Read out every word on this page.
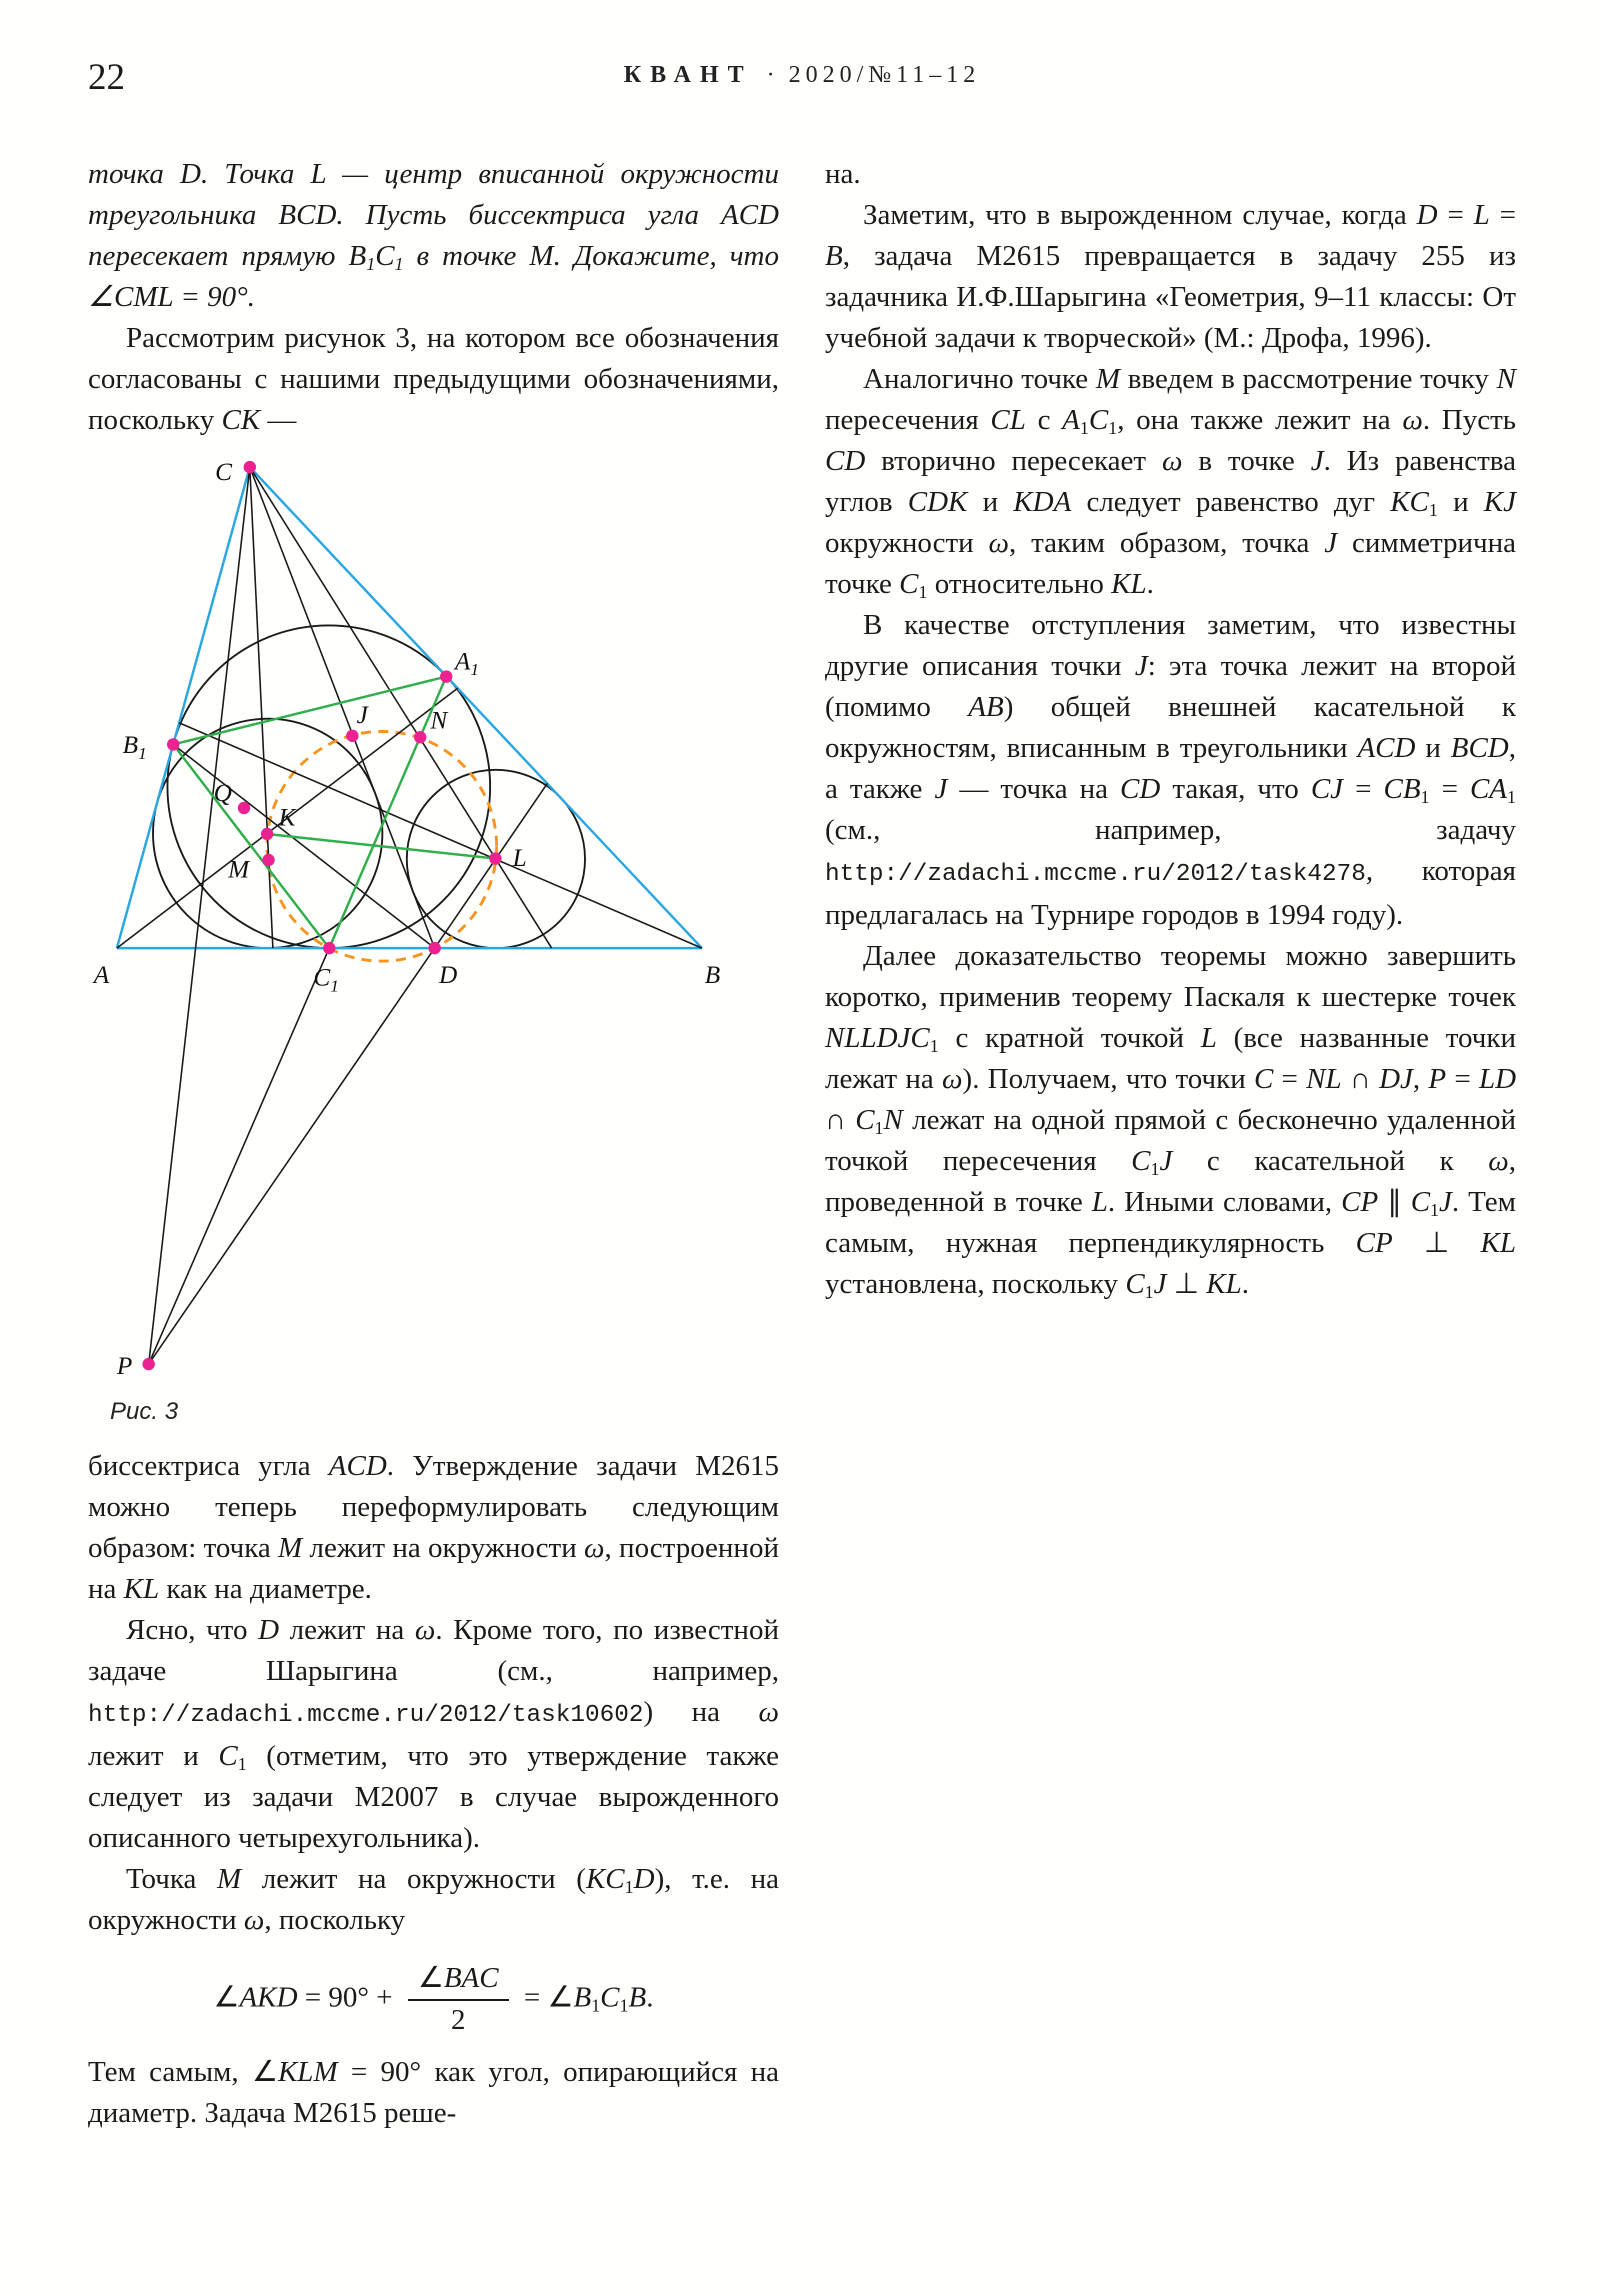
22	КВАНТ · 2020/№11–12

точка D. Точка L — центр вписанной окружности треугольника BCD. Пусть биссектриса угла ACD пересекает прямую $B_1C_1$ в точке M. Докажите, что ∠CML = 90°.

Рассмотрим рисунок 3, на котором все обозначения согласованы с нашими предыдущими обозначениями, поскольку CK —

C
A	B
$A_1$
$B_1$
$C_1$	D
J	N
Q
K
M	L
P
Рис. 3

биссектриса угла ACD. Утверждение задачи М2615 можно теперь переформулировать следующим образом: точка M лежит на окружности ω, построенной на KL как на диаметре.

Ясно, что D лежит на ω. Кроме того, по известной задаче Шарыгина (см., например, http://zadachi.mccme.ru/2012/task10602) на ω лежит и $C_1$ (отметим, что это утверждение также следует из задачи М2007 в случае вырожденного описанного четырехугольника).

Точка M лежит на окружности $(KC_1D)$, т.е. на окружности ω, поскольку

∠AKD = $90^\circ + \frac{\text{∠BAC}}{2}$ = $\angle B_1C_1B$.

Тем самым, ∠KLM = 90° как угол, опирающийся на диаметр. Задача М2615 реше-

на.

Заметим, что в вырожденном случае, когда D = L = B, задача М2615 превращается в задачу 255 из задачника И.Ф.Шарыгина «Геометрия, 9–11 классы: От учебной задачи к творческой» (М.: Дрофа, 1996).

Аналогично точке M введем в рассмотрение точку N пересечения CL с $A_1C_1$, она также лежит на ω. Пусть CD вторично пересекает ω в точке J. Из равенства углов CDK и KDA следует равенство дуг $KC_1$ и KJ окружности ω, таким образом, точка J симметрична точке $C_1$ относительно KL.

В качестве отступления заметим, что известны другие описания точки J: эта точка лежит на второй (помимо AB) общей внешней касательной к окружностям, вписанным в треугольники ACD и BCD, а также J — точка на CD такая, что CJ = $CB_1 = CA_1$ (см., например, задачу http://zadachi.mccme.ru/2012/task4278, которая предлагалась на Турнире городов в 1994 году).

Далее доказательство теоремы можно завершить коротко, применив теорему Паскаля к шестерке точек $NLLDJC_1$ с кратной точкой L (все названные точки лежат на ω). Получаем, что точки C = NL ∩ DJ, P = LD ∩ $C_1N$ лежат на одной прямой с бесконечно удаленной точкой пересечения $C_1J$ с касательной к ω, проведенной в точке L. Иными словами, CP ∥ $C_1J$. Тем самым, нужная перпендикулярность CP ⊥ KL установлена, поскольку $C_1J$ ⊥ KL.
